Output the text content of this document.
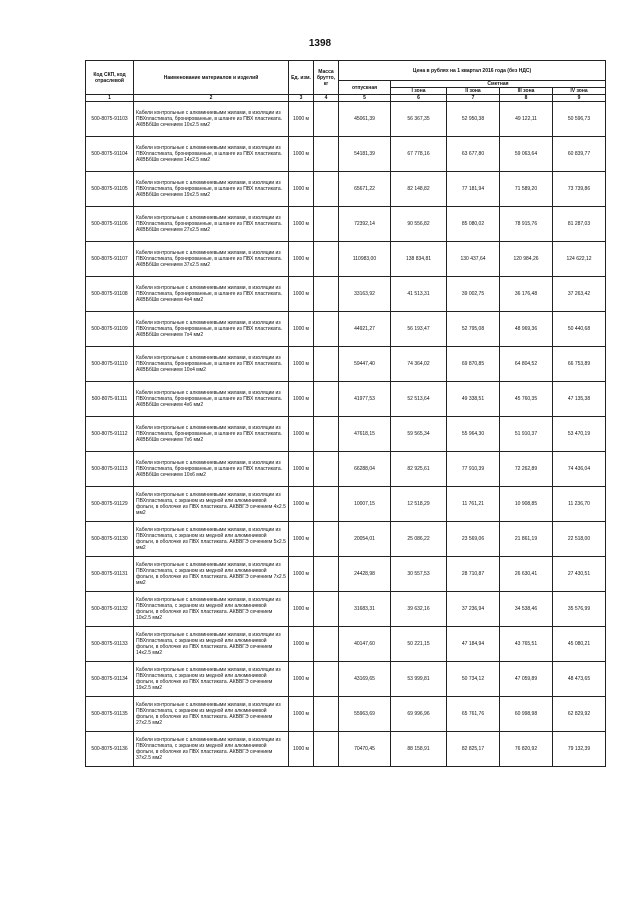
1398
Код СКП, код отраслевой	Наименование материалов и изделий	Ед. изм.	Масса брутто, кг	Цена в рублях на 1 квартал 2016 года (без НДС)				
				отпускная	Сметная			
					I зона	II зона	III зона	IV зона
1	2	3	4	5	6	7	8	9
500-8075-91103	Кабели контрольные с алюминиевыми жилами, в изоляции из ПВХпластиката, бронированные, в шланге из ПВХ пластиката. АКВБбШв сечением 10х2.5 мм2	1000 м		45061,39	56 367,35	52 950,38	49 122,11	50 596,73
500-8075-91104	Кабели контрольные с алюминиевыми жилами, в изоляции из ПВХпластиката, бронированные, в шланге из ПВХ пластиката. АКВБбШв сечением 14х2.5 мм2	1000 м		54181,39	67 778,16	63 677,80	59 063,64	60 839,77
500-8075-91105	Кабели контрольные с алюминиевыми жилами, в изоляции из ПВХпластиката, бронированные, в шланге из ПВХ пластиката. АКВБбШв сечением 19х2.5 мм2	1000 м		65671,22	82 148,82	77 181,94	71 589,20	73 739,86
500-8075-91106	Кабели контрольные с алюминиевыми жилами, в изоляции из ПВХпластиката, бронированные, в шланге из ПВХ пластиката. АКВБбШв сечением 27х2.5 мм2	1000 м		72392,14	90 556,82	85 080,02	78 915,76	81 287,03
500-8075-91107	Кабели контрольные с алюминиевыми жилами, в изоляции из ПВХпластиката, бронированные, в шланге из ПВХ пластиката. АКВБбШв сечением 37х2.5 мм2	1000 м		110983,00	138 834,81	130 437,64	120 984,26	124 622,12
500-8075-91108	Кабели контрольные с алюминиевыми жилами, в изоляции из ПВХпластиката, бронированные, в шланге из ПВХ пластиката. АКВБбШв сечением 4х4 мм2	1000 м		33163,92	41 513,31	39 002,75	36 176,48	37 263,42
500-8075-91109	Кабели контрольные с алюминиевыми жилами, в изоляции из ПВХпластиката, бронированные, в шланге из ПВХ пластиката. АКВБбШв сечением 7х4 мм2	1000 м		44921,27	56 193,47	52 795,08	48 969,36	50 440,68
500-8075-91110	Кабели контрольные с алюминиевыми жилами, в изоляции из ПВХпластиката, бронированные, в шланге из ПВХ пластиката. АКВБбШв сечением 10х4 мм2	1000 м		59447,40	74 364,02	69 870,85	64 804,52	66 753,89
500-8075-91111	Кабели контрольные с алюминиевыми жилами, в изоляции из ПВХпластиката, бронированные, в шланге из ПВХ пластиката. АКВБбШв сечением 4х6 мм2	1000 м		41977,53	52 513,64	49 338,51	45 760,35	47 135,38
500-8075-91112	Кабели контрольные с алюминиевыми жилами, в изоляции из ПВХпластиката, бронированные, в шланге из ПВХ пластиката. АКВБбШв сечением 7х6 мм2	1000 м		47618,15	59 565,34	55 964,30	51 910,37	53 470,19
500-8075-91113	Кабели контрольные с алюминиевыми жилами, в изоляции из ПВХпластиката, бронированные, в шланге из ПВХ пластиката. АКВБбШв сечением 10х6 мм2	1000 м		66288,04	82 925,61	77 910,39	72 262,89	74 436,04
500-8075-91129	Кабели контрольные с алюминиевыми жилами, в изоляции из ПВХпластиката, с экраном из медной или алюминиевой фольги, в оболочке из ПВХ пластиката. АКВВГЭ сечением 4х2.5 мм2	1000 м		10007,15	12 518,29	11 761,21	10 908,85	11 236,70
500-8075-91130	Кабели контрольные с алюминиевыми жилами, в изоляции из ПВХпластиката, с экраном из медной или алюминиевой фольги, в оболочке из ПВХ пластиката. АКВВГЭ сечением 5х2.5 мм2	1000 м		20054,01	25 086,22	23 569,06	21 861,19	22 518,00
500-8075-91131	Кабели контрольные с алюминиевыми жилами, в изоляции из ПВХпластиката, с экраном из медной или алюминиевой фольги, в оболочке из ПВХ пластиката. АКВВГЭ сечением 7х2.5 мм2	1000 м		24428,98	30 557,53	28 710,87	26 630,41	27 430,51
500-8075-91132	Кабели контрольные с алюминиевыми жилами, в изоляции из ПВХпластиката, с экраном из медной или алюминиевой фольги, в оболочке из ПВХ пластиката. АКВВГЭ сечением 10х2.5 мм2	1000 м		31683,31	39 632,16	37 236,94	34 538,46	35 576,99
500-8075-91133	Кабели контрольные с алюминиевыми жилами, в изоляции из ПВХпластиката, с экраном из медной или алюминиевой фольги, в оболочке из ПВХ пластиката. АКВВГЭ сечением 14х2.5 мм2	1000 м		40147,60	50 221,15	47 184,94	43 765,51	45 080,21
500-8075-91134	Кабели контрольные с алюминиевыми жилами, в изоляции из ПВХпластиката, с экраном из медной или алюминиевой фольги, в оболочке из ПВХ пластиката. АКВВГЭ сечением 19х2.5 мм2	1000 м		43169,65	53 999,81	50 734,12	47 059,89	48 473,65
500-8075-91135	Кабели контрольные с алюминиевыми жилами, в изоляции из ПВХпластиката, с экраном из медной или алюминиевой фольги, в оболочке из ПВХ пластиката. АКВВГЭ сечением 27х2.5 мм2	1000 м		55963,69	69 996,96	65 761,76	60 998,98	62 829,92
500-8075-91136	Кабели контрольные с алюминиевыми жилами, в изоляции из ПВХпластиката, с экраном из медной или алюминиевой фольги, в оболочке из ПВХ пластиката. АКВВГЭ сечением 37х2.5 мм2	1000 м		70470,45	88 158,91	82 825,17	76 820,92	79 132,39
